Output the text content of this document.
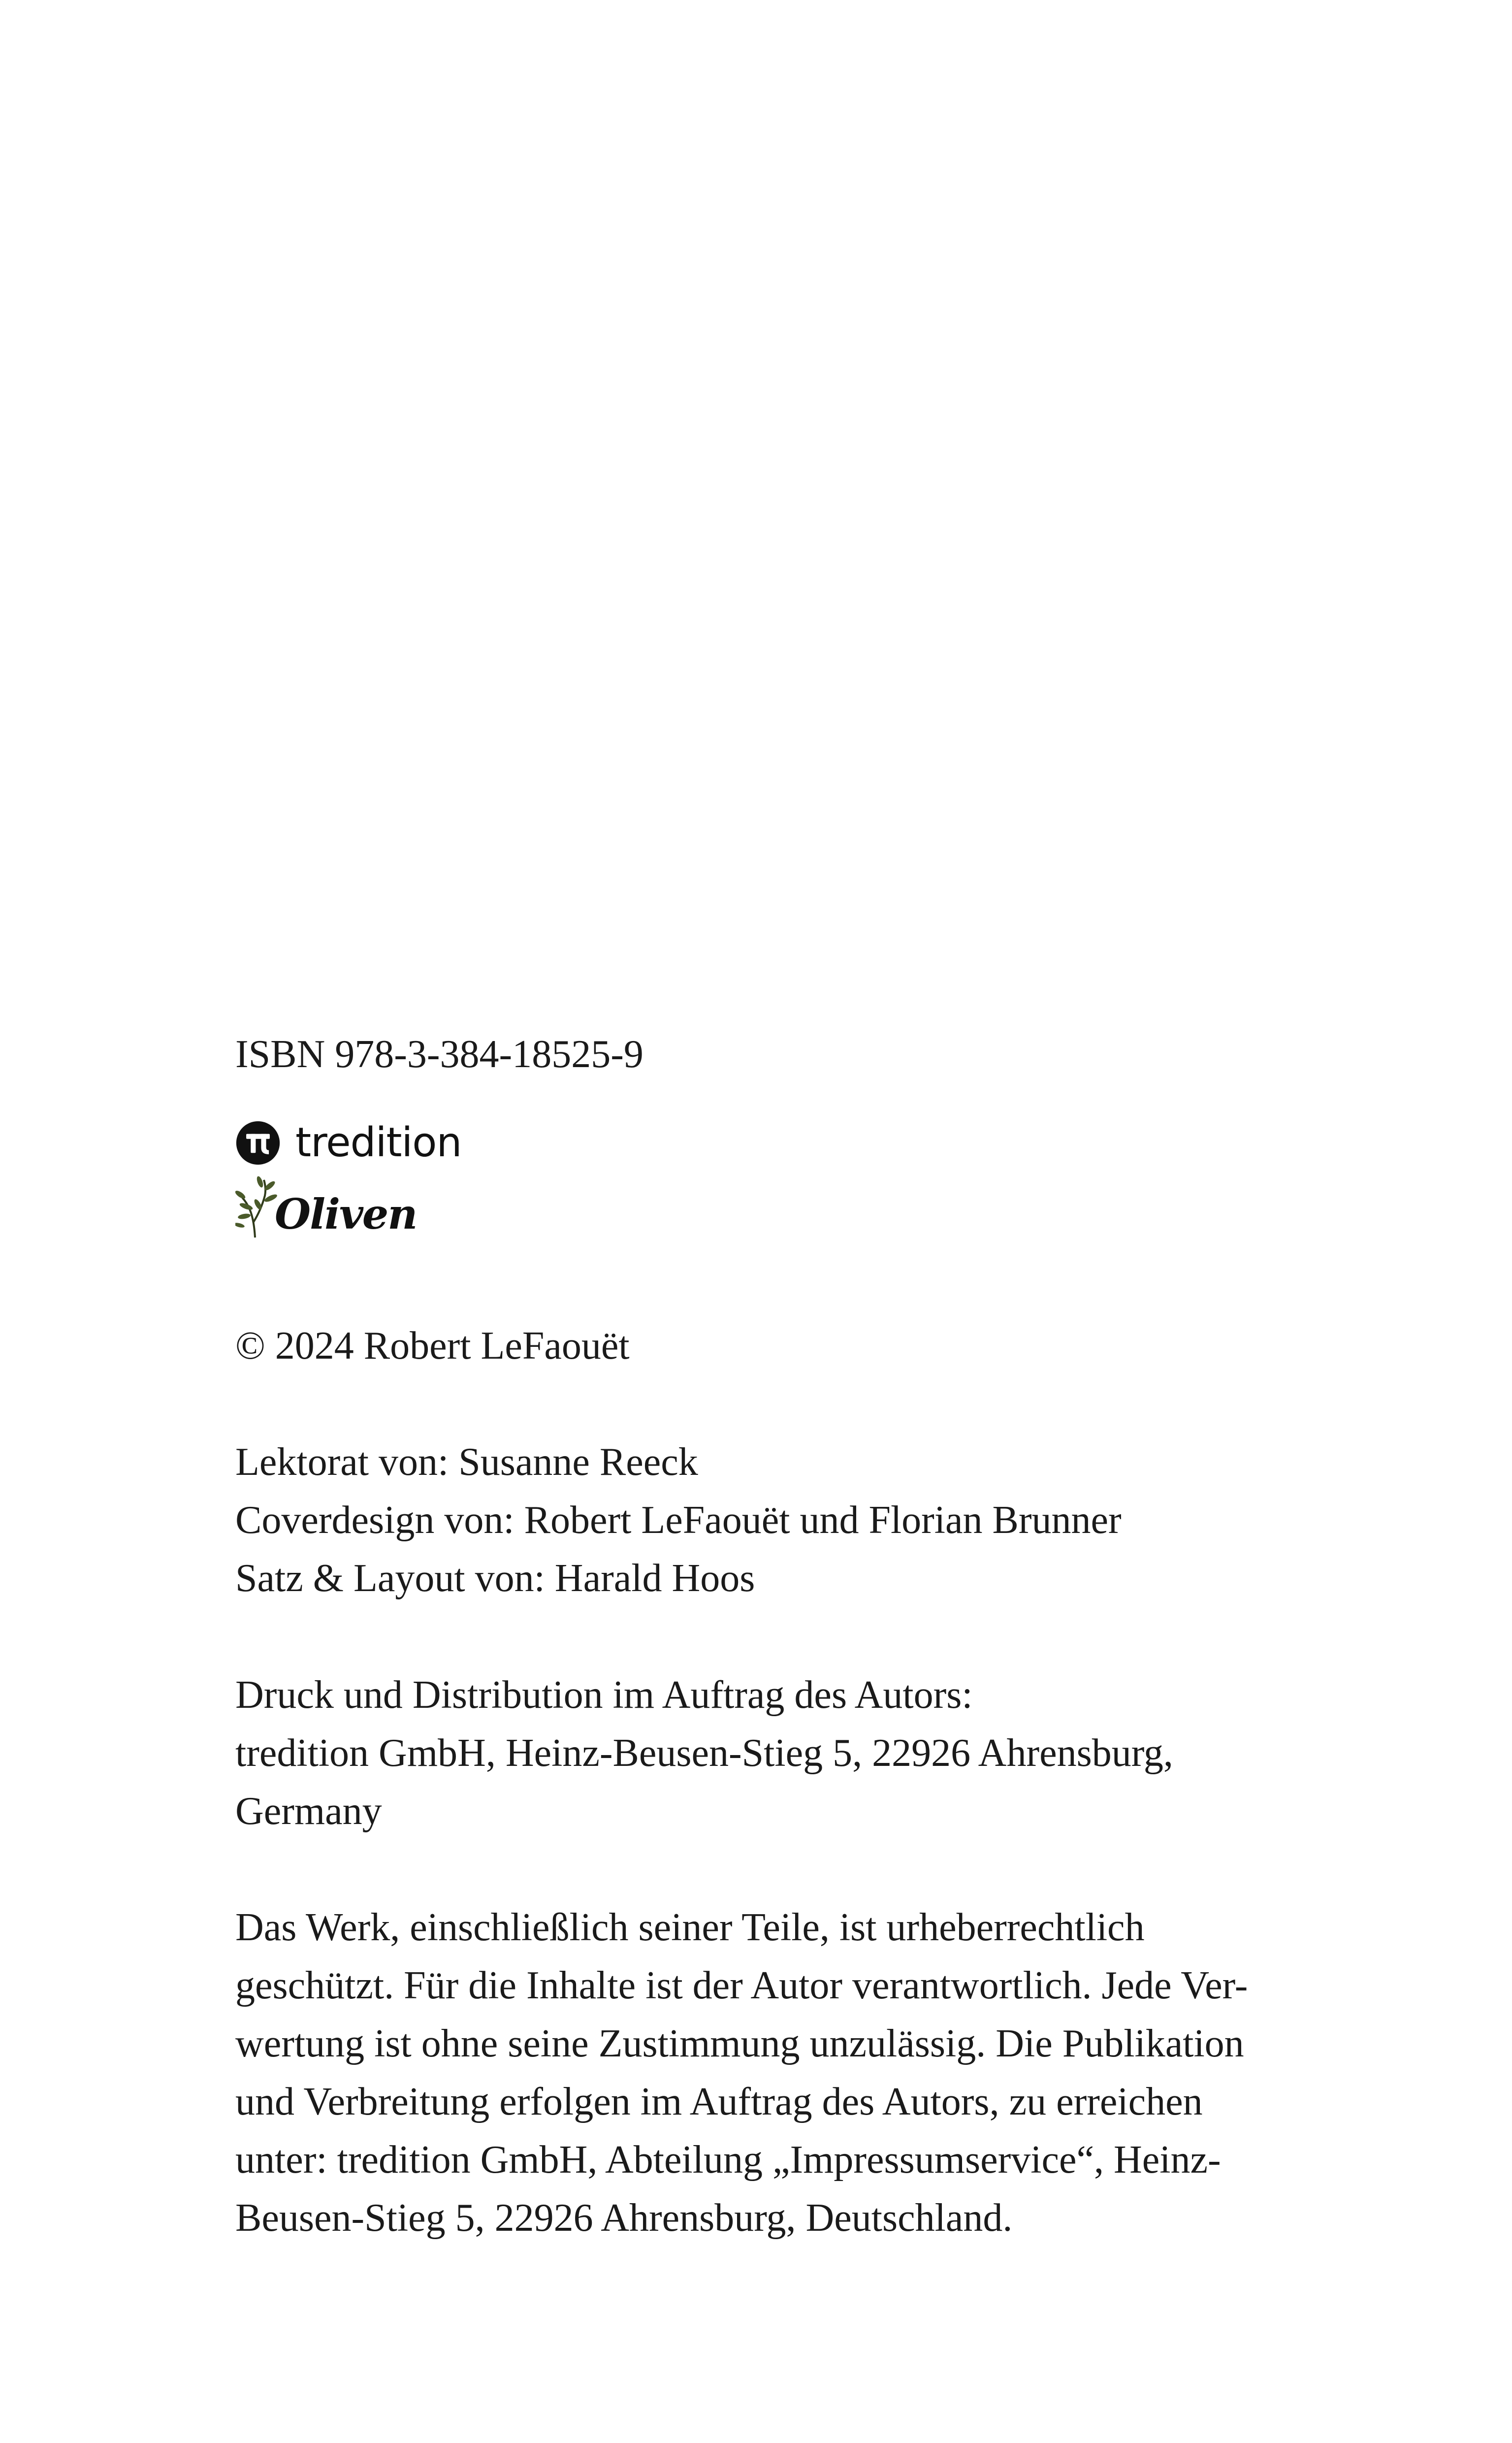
ISBN 978-3-384-18525-9
tredition
Oliven
© 2024 Robert LeFaouët
Lektorat von: Susanne Reeck
Coverdesign von: Robert LeFaouët und Florian Brunner
Satz & Layout von: Harald Hoos
Druck und Distribution im Auftrag des Autors:
tredition GmbH, Heinz-Beusen-Stieg 5, 22926 Ahrensburg,
Germany
Das Werk, einschließlich seiner Teile, ist urheberrechtlich
geschützt. Für die Inhalte ist der Autor verantwortlich. Jede Ver-
wertung ist ohne seine Zustimmung unzulässig. Die Publikation
und Verbreitung erfolgen im Auftrag des Autors, zu erreichen
unter: tredition GmbH, Abteilung „Impressumservice“, Heinz-
Beusen-Stieg 5, 22926 Ahrensburg, Deutschland.
